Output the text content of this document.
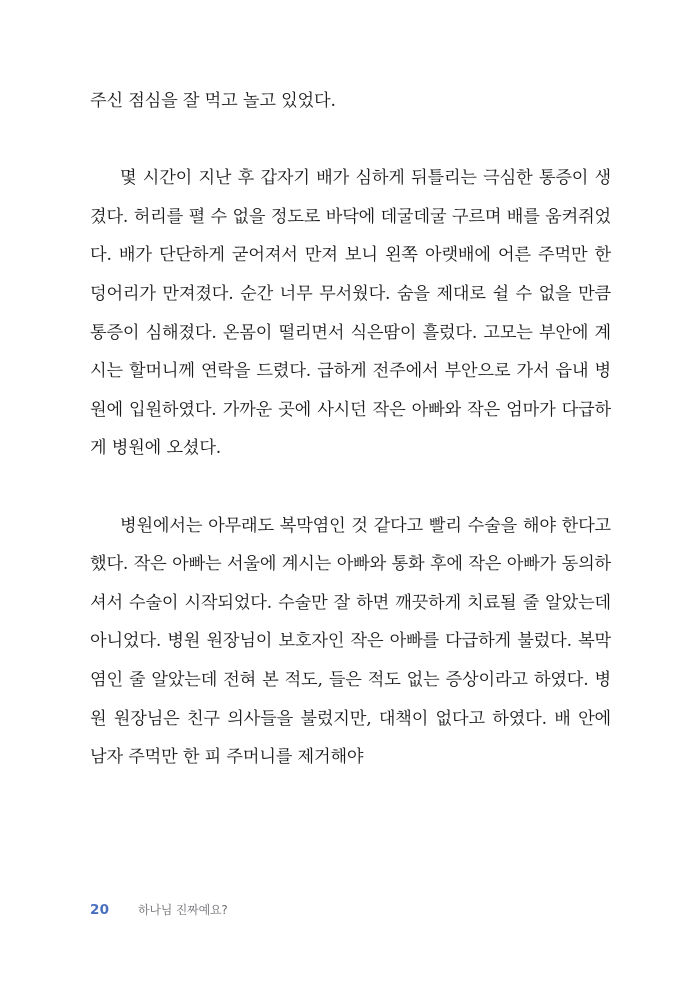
주신 점심을 잘 먹고 놀고 있었다.

몇 시간이 지난 후 갑자기 배가 심하게 뒤틀리는 극심한 통증이 생겼다. 허리를 펼 수 없을 정도로 바닥에 데굴데굴 구르며 배를 움켜쥐었다. 배가 단단하게 굳어져서 만져 보니 왼쪽 아랫배에 어른 주먹만 한 덩어리가 만져졌다. 순간 너무 무서웠다. 숨을 제대로 쉴 수 없을 만큼 통증이 심해졌다. 온몸이 떨리면서 식은땀이 흘렀다. 고모는 부안에 계시는 할머니께 연락을 드렸다. 급하게 전주에서 부안으로 가서 읍내 병원에 입원하였다. 가까운 곳에 사시던 작은 아빠와 작은 엄마가 다급하게 병원에 오셨다.

병원에서는 아무래도 복막염인 것 같다고 빨리 수술을 해야 한다고 했다. 작은 아빠는 서울에 계시는 아빠와 통화 후에 작은 아빠가 동의하셔서 수술이 시작되었다. 수술만 잘 하면 깨끗하게 치료될 줄 알았는데 아니었다. 병원 원장님이 보호자인 작은 아빠를 다급하게 불렀다. 복막염인 줄 알았는데 전혀 본 적도, 들은 적도 없는 증상이라고 하였다. 병원 원장님은 친구 의사들을 불렀지만, 대책이 없다고 하였다. 배 안에 남자 주먹만 한 피 주머니를 제거해야

20	하나님 진짜예요?
